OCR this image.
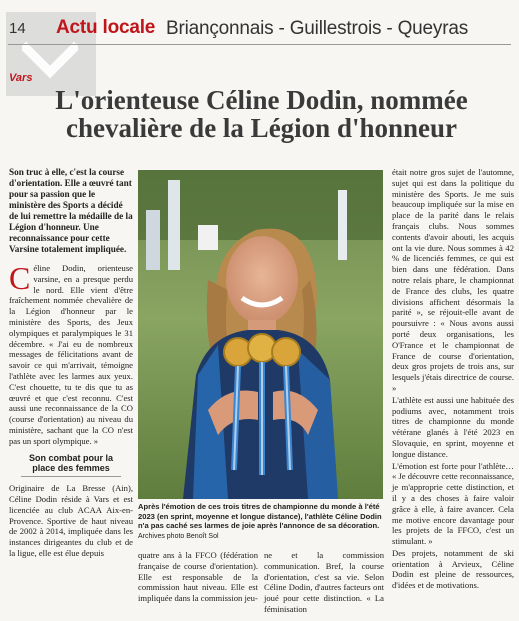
14 Actu locale Briançonnais - Guillestrois - Queyras
Vars
L'orienteuse Céline Dodin, nommée
chevalière de la Légion d'honneur

Son truc à elle, c'est la course d'orientation. Elle a œuvré tant pour sa passion que le ministère des Sports a décidé de lui remettre la médaille de la Légion d'honneur. Une reconnaissance pour cette Varsine totalement impliquée.

Céline Dodin, orienteuse varsine, en a presque perdu le nord. Elle vient d'être fraîchement nommée chevalière de la Légion d'honneur par le ministère des Sports, des Jeux olympiques et paralympiques le 31 décembre. « J'ai eu de nombreux messages de félicitations avant de savoir ce qui m'arrivait, témoigne l'athlète avec les larmes aux yeux. C'est chouette, tu te dis que tu as œuvré et que c'est reconnu. C'est aussi une reconnaissance de la CO (course d'orientation) au niveau du ministère, sachant que la CO n'est pas un sport olympique. »

Son combat pour la place des femmes

Originaire de La Bresse (Ain), Céline Dodin réside à Vars et est licenciée au club ACAA Aix-en-Provence. Sportive de haut niveau de 2002 à 2014, impliquée dans les instances dirigeantes du club et de la ligue, elle est élue depuis

Après l'émotion de ces trois titres de championne du monde à l'été 2023 (en sprint, moyenne et longue distance), l'athlète Céline Dodin n'a pas caché ses larmes de joie après l'annonce de sa décoration. Archives photo Benoît Sol

quatre ans à la FFCO (fédération française de course d'orientation). Elle est responsable de la commission haut niveau. Elle est impliquée dans la commission jeu-

ne et la commission communication. Bref, la course d'orientation, c'est sa vie. Selon Céline Dodin, d'autres facteurs ont joué pour cette distinction. « La féminisation

était notre gros sujet de l'automne, sujet qui est dans la politique du ministère des Sports. Je me suis beaucoup impliquée sur la mise en place de la parité dans le relais français clubs. Nous sommes contents d'avoir abouti, les acquis ont la vie dure. Nous sommes à 42 % de licenciés femmes, ce qui est bien dans une fédération. Dans notre relais phare, le championnat de France des clubs, les quatre divisions affichent désormais la parité », se réjouit-elle avant de poursuivre : « Nous avons aussi porté deux organisations, les O'France et le championnat de France de course d'orientation, deux gros projets de trois ans, sur lesquels j'étais directrice de course. »

L'athlète est aussi une habituée des podiums avec, notamment trois titres de championne du monde vétérane glanés à l'été 2023 en Slovaquie, en sprint, moyenne et longue distance.

L'émotion est forte pour l'athlète… « Je découvre cette reconnaissance, je m'approprie cette distinction, et il y a des choses à faire valoir grâce à elle, à faire avancer. Cela me motive encore davantage pour les projets de la FFCO, c'est un stimulant. »

Des projets, notamment de ski orientation à Arvieux, Céline Dodin est pleine de ressources, d'idées et de motivations.
